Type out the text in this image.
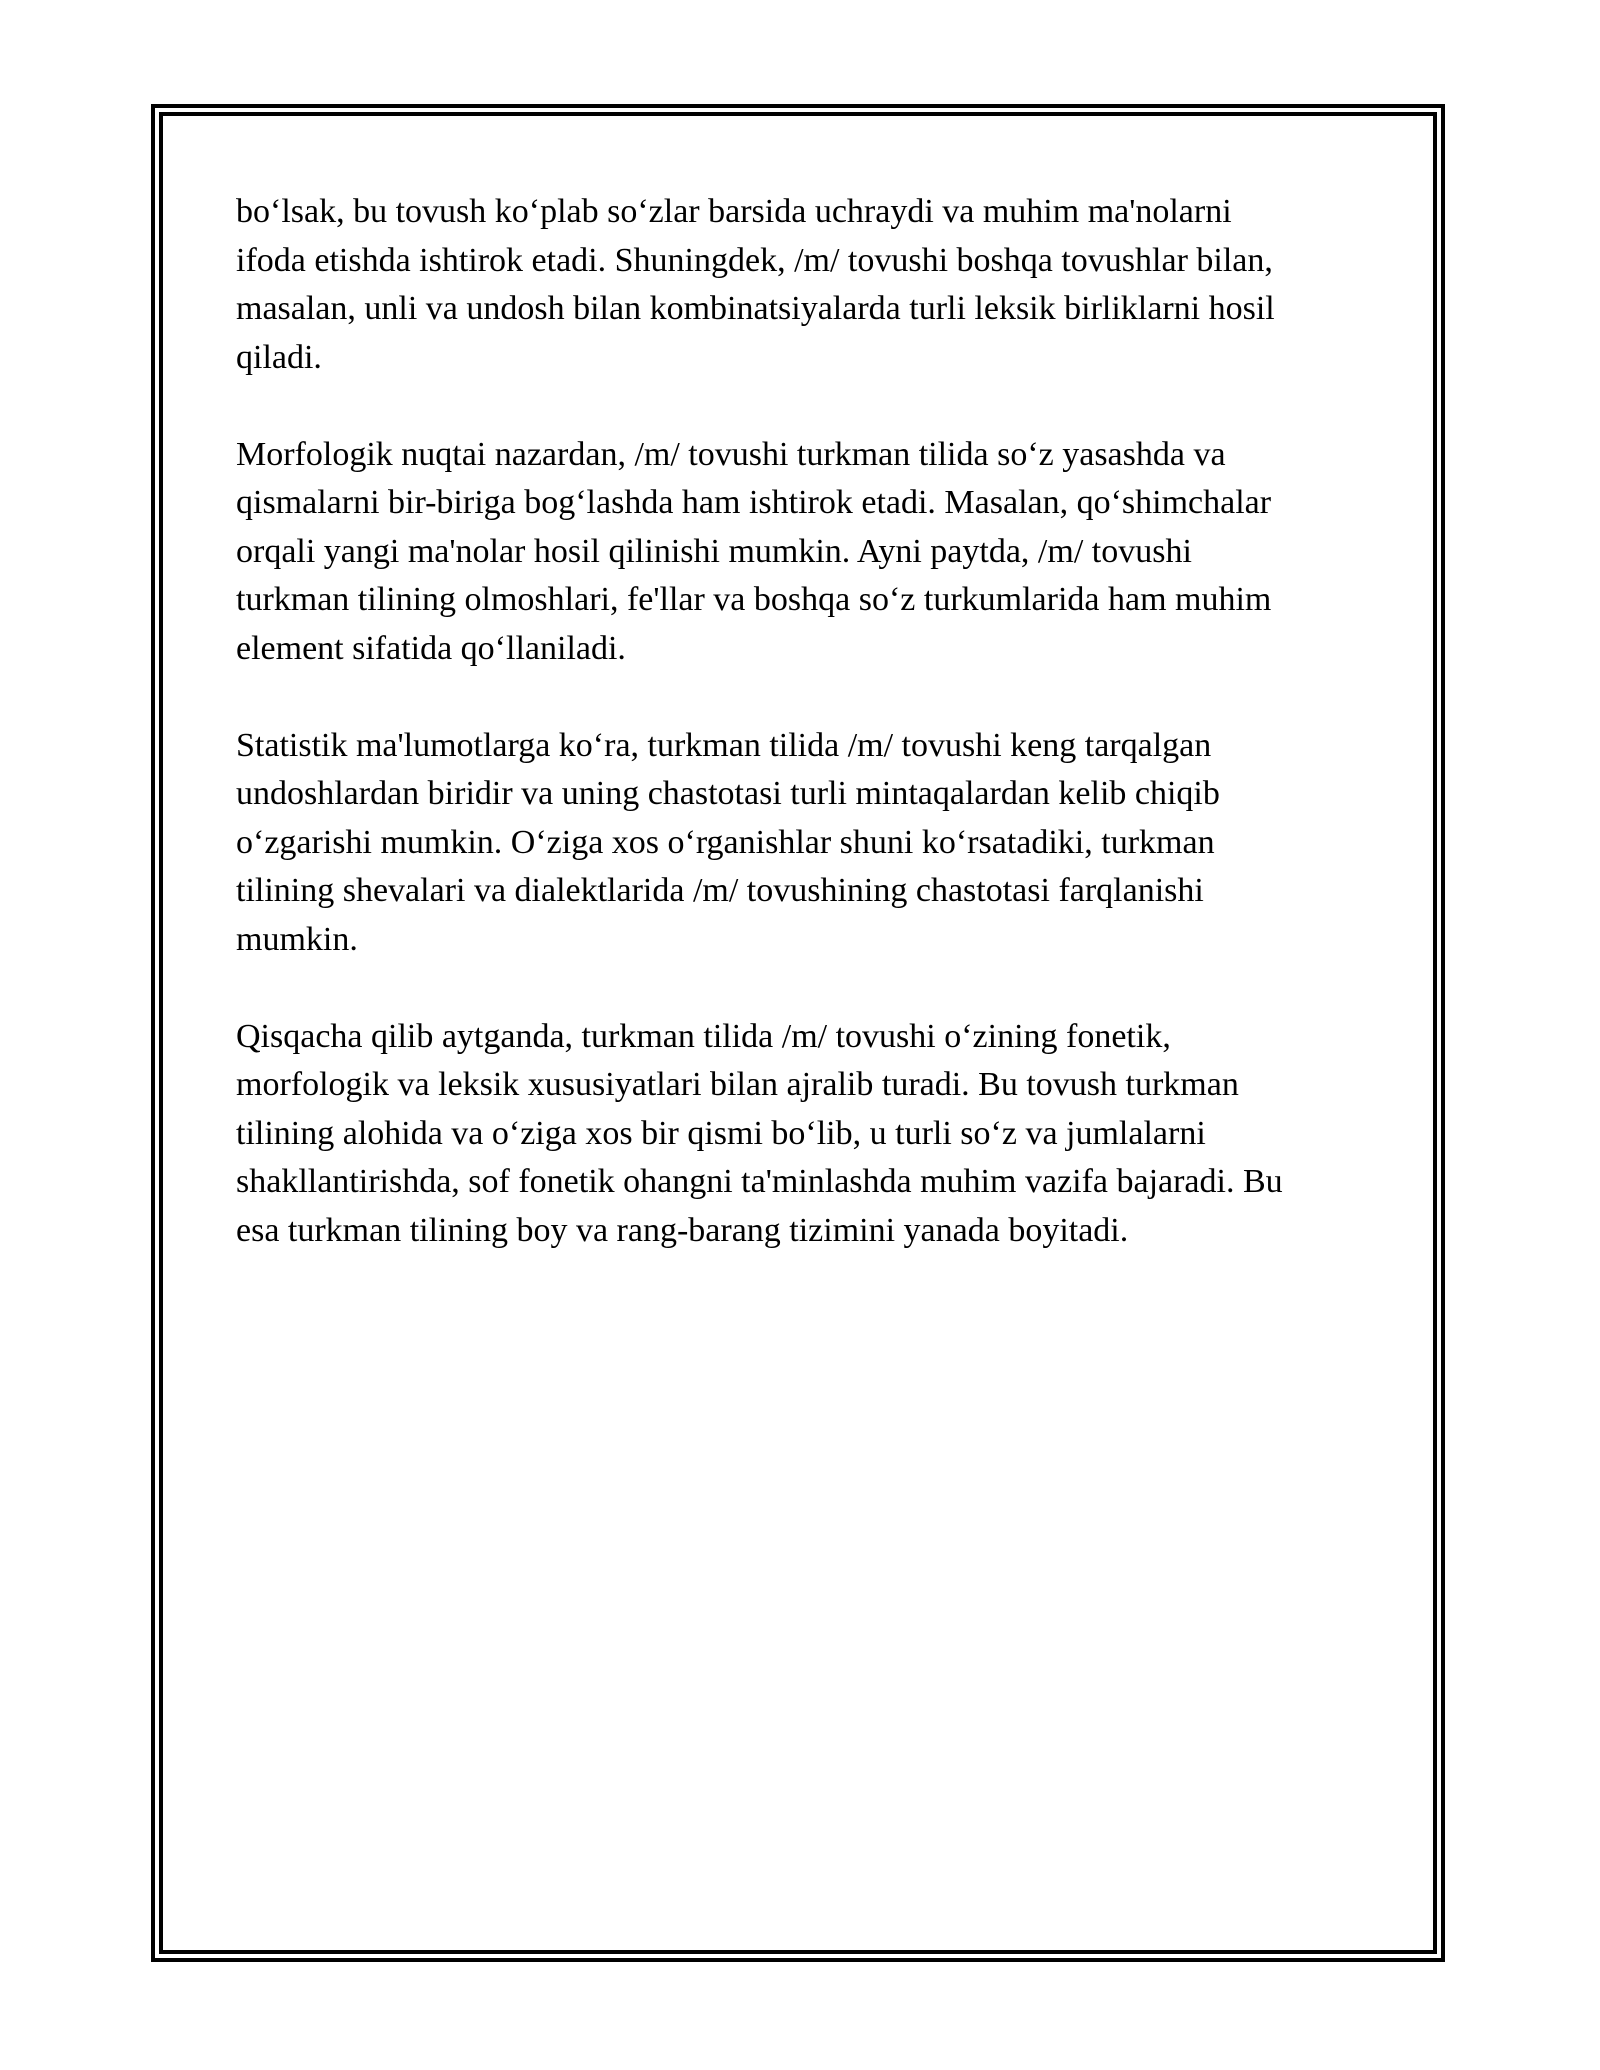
bo‘lsak, bu tovush ko‘plab so‘zlar barsida uchraydi va muhim ma'nolarni
ifoda etishda ishtirok etadi. Shuningdek, /m/ tovushi boshqa tovushlar bilan,
masalan, unli va undosh bilan kombinatsiyalarda turli leksik birliklarni hosil
qiladi.

Morfologik nuqtai nazardan, /m/ tovushi turkman tilida so‘z yasashda va
qismalarni bir-biriga bog‘lashda ham ishtirok etadi. Masalan, qo‘shimchalar
orqali yangi ma'nolar hosil qilinishi mumkin. Ayni paytda, /m/ tovushi
turkman tilining olmoshlari, fe'llar va boshqa so‘z turkumlarida ham muhim
element sifatida qo‘llaniladi.

Statistik ma'lumotlarga ko‘ra, turkman tilida /m/ tovushi keng tarqalgan
undoshlardan biridir va uning chastotasi turli mintaqalardan kelib chiqib
o‘zgarishi mumkin. O‘ziga xos o‘rganishlar shuni ko‘rsatadiki, turkman
tilining shevalari va dialektlarida /m/ tovushining chastotasi farqlanishi
mumkin.

Qisqacha qilib aytganda, turkman tilida /m/ tovushi o‘zining fonetik,
morfologik va leksik xususiyatlari bilan ajralib turadi. Bu tovush turkman
tilining alohida va o‘ziga xos bir qismi bo‘lib, u turli so‘z va jumlalarni
shakllantirishda, sof fonetik ohangni ta'minlashda muhim vazifa bajaradi. Bu
esa turkman tilining boy va rang-barang tizimini yanada boyitadi.
